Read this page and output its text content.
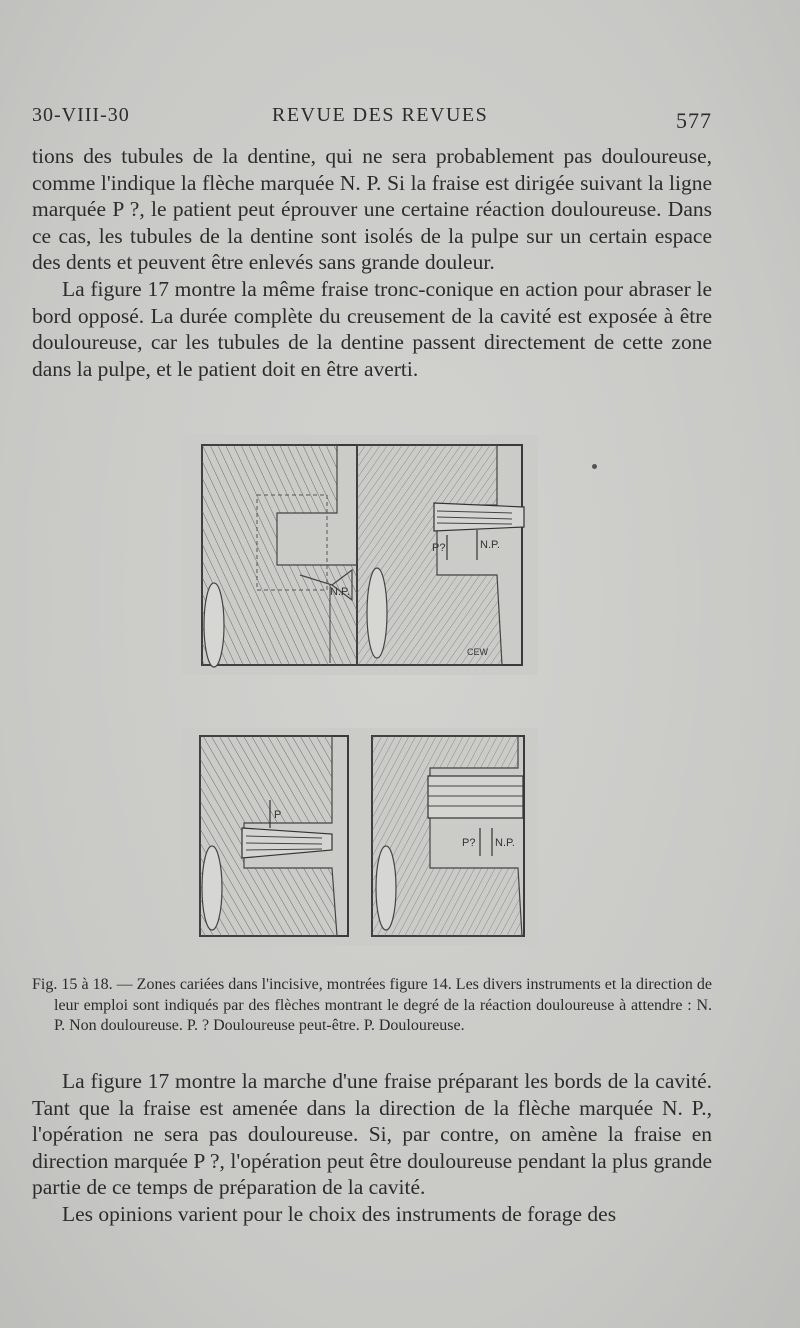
30-VIII-30	REVUE DES REVUES	577

tions des tubules de la dentine, qui ne sera probablement pas douloureuse, comme l'indique la flèche marquée N. P. Si la fraise est dirigée suivant la ligne marquée P ?, le patient peut éprouver une certaine réaction douloureuse. Dans ce cas, les tubules de la dentine sont isolés de la pulpe sur un certain espace des dents et peuvent être enlevés sans grande douleur.

La figure 17 montre la même fraise tronc-conique en action pour abraser le bord opposé. La durée complète du creusement de la cavité est exposée à être douloureuse, car les tubules de la dentine passent directement de cette zone dans la pulpe, et le patient doit en être averti.

N.P.
P?	N.P.
CEW
P
P? N.P.

Fig. 15 à 18. — Zones cariées dans l'incisive, montrées figure 14. Les divers instruments et la direction de leur emploi sont indiqués par des flèches montrant le degré de la réaction douloureuse à attendre : N. P. Non douloureuse. P. ? Douloureuse peut-être. P. Douloureuse.

La figure 17 montre la marche d'une fraise préparant les bords de la cavité. Tant que la fraise est amenée dans la direction de la flèche marquée N. P., l'opération ne sera pas douloureuse. Si, par contre, on amène la fraise en direction marquée P ?, l'opération peut être douloureuse pendant la plus grande partie de ce temps de préparation de la cavité.

Les opinions varient pour le choix des instruments de forage des
